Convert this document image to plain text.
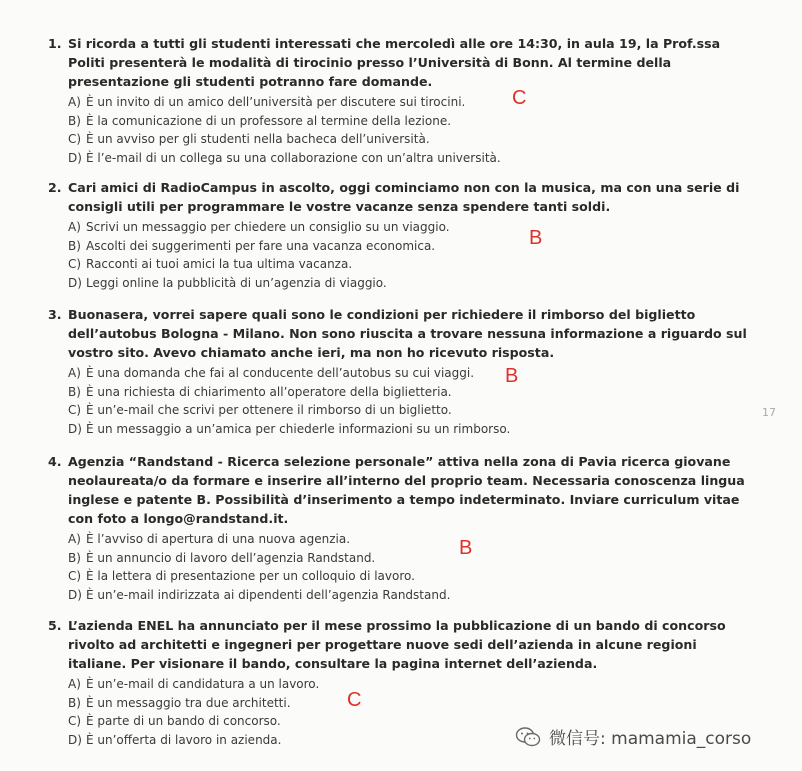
1. Si ricorda a tutti gli studenti interessati che mercoledì alle ore 14:30, in aula 19, la Prof.ssa Politi presenterà le modalità di tirocinio presso l’Università di Bonn. Al termine della presentazione gli studenti potranno fare domande.
A) È un invito di un amico dell’università per discutere sui tirocini.
B) È la comunicazione di un professore al termine della lezione.
C) È un avviso per gli studenti nella bacheca dell’università.
D) È l’e-mail di un collega su una collaborazione con un’altra università.
C
2. Cari amici di RadioCampus in ascolto, oggi cominciamo non con la musica, ma con una serie di consigli utili per programmare le vostre vacanze senza spendere tanti soldi.
A) Scrivi un messaggio per chiedere un consiglio su un viaggio.
B) Ascolti dei suggerimenti per fare una vacanza economica.
C) Racconti ai tuoi amici la tua ultima vacanza.
D) Leggi online la pubblicità di un’agenzia di viaggio.
B
3. Buonasera, vorrei sapere quali sono le condizioni per richiedere il rimborso del biglietto dell’autobus Bologna - Milano. Non sono riuscita a trovare nessuna informazione a riguardo sul vostro sito. Avevo chiamato anche ieri, ma non ho ricevuto risposta.
A) È una domanda che fai al conducente dell’autobus su cui viaggi.
B) È una richiesta di chiarimento all’operatore della biglietteria.
C) È un’e-mail che scrivi per ottenere il rimborso di un biglietto.
D) È un messaggio a un’amica per chiederle informazioni su un rimborso.
B
17
4. Agenzia “Randstand - Ricerca selezione personale” attiva nella zona di Pavia ricerca giovane neolaureata/o da formare e inserire all’interno del proprio team. Necessaria conoscenza lingua inglese e patente B. Possibilità d’inserimento a tempo indeterminato. Inviare curriculum vitae con foto a longo@randstand.it.
A) È l’avviso di apertura di una nuova agenzia.
B) È un annuncio di lavoro dell’agenzia Randstand.
C) È la lettera di presentazione per un colloquio di lavoro.
D) È un’e-mail indirizzata ai dipendenti dell’agenzia Randstand.
B
5. L’azienda ENEL ha annunciato per il mese prossimo la pubblicazione di un bando di concorso rivolto ad architetti e ingegneri per progettare nuove sedi dell’azienda in alcune regioni italiane. Per visionare il bando, consultare la pagina internet dell’azienda.
A) È un’e-mail di candidatura a un lavoro.
B) È un messaggio tra due architetti.
C) È parte di un bando di concorso.
D) È un’offerta di lavoro in azienda.
C
微信号: mamamia_corso
